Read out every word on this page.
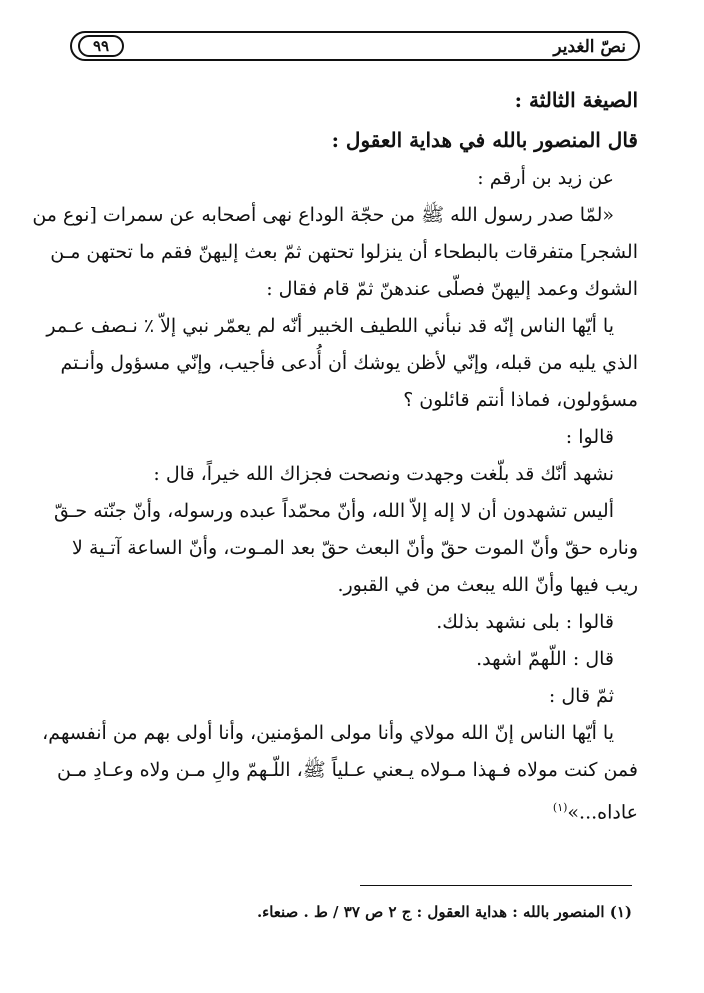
نصّ الغدير
٩٩
الصيغة الثالثة :
قال المنصور بالله في هداية العقول :
عن زيد بن أرقم :
«لمّا صدر رسول الله ﷺ من حجّة الوداع نهى أصحابه عن سمرات [نوع من
الشجر] متفرقات بالبطحاء أن ينزلوا تحتهن ثمّ بعث إليهنّ فقم ما تحتهن مـن
الشوك وعمد إليهنّ فصلّى عندهنّ ثمّ قام فقال :
يا أيّها الناس إنّه قد نبأني اللطيف الخبير أنّه لم يعمّر نبي إلاّ ٪ نـصف عـمر
الذي يليه من قبله، وإنّي لأظن يوشك أن أُدعى فأجيب، وإنّي مسؤول وأنـتم
مسؤولون، فماذا أنتم قائلون ؟
قالوا :
نشهد أنّك قد بلّغت وجهدت ونصحت فجزاك الله خيراً، قال :
أليس تشهدون أن لا إله إلاّ الله، وأنّ محمّداً عبده ورسوله، وأنّ جنّته حـقّ
وناره حقّ وأنّ الموت حقّ وأنّ البعث حقّ بعد المـوت، وأنّ الساعة آتـية لا
ريب فيها وأنّ الله يبعث من في القبور.
قالوا : بلى نشهد بذلك.
قال : اللّهمّ اشهد.
ثمّ قال :
يا أيّها الناس إنّ الله مولاي وأنا مولى المؤمنين، وأنا أولى بهم من أنفسهم،
فمن كنت مولاه فـهذا مـولاه يـعني عـلياً ﷺ، اللّـهمّ والِ مـن ولاه وعـادِ مـن
عاداه...»$^{(١)}$
(١) المنصور بالله : هداية العقول : ج ٢ ص ٣٧ / ط . صنعاء.
